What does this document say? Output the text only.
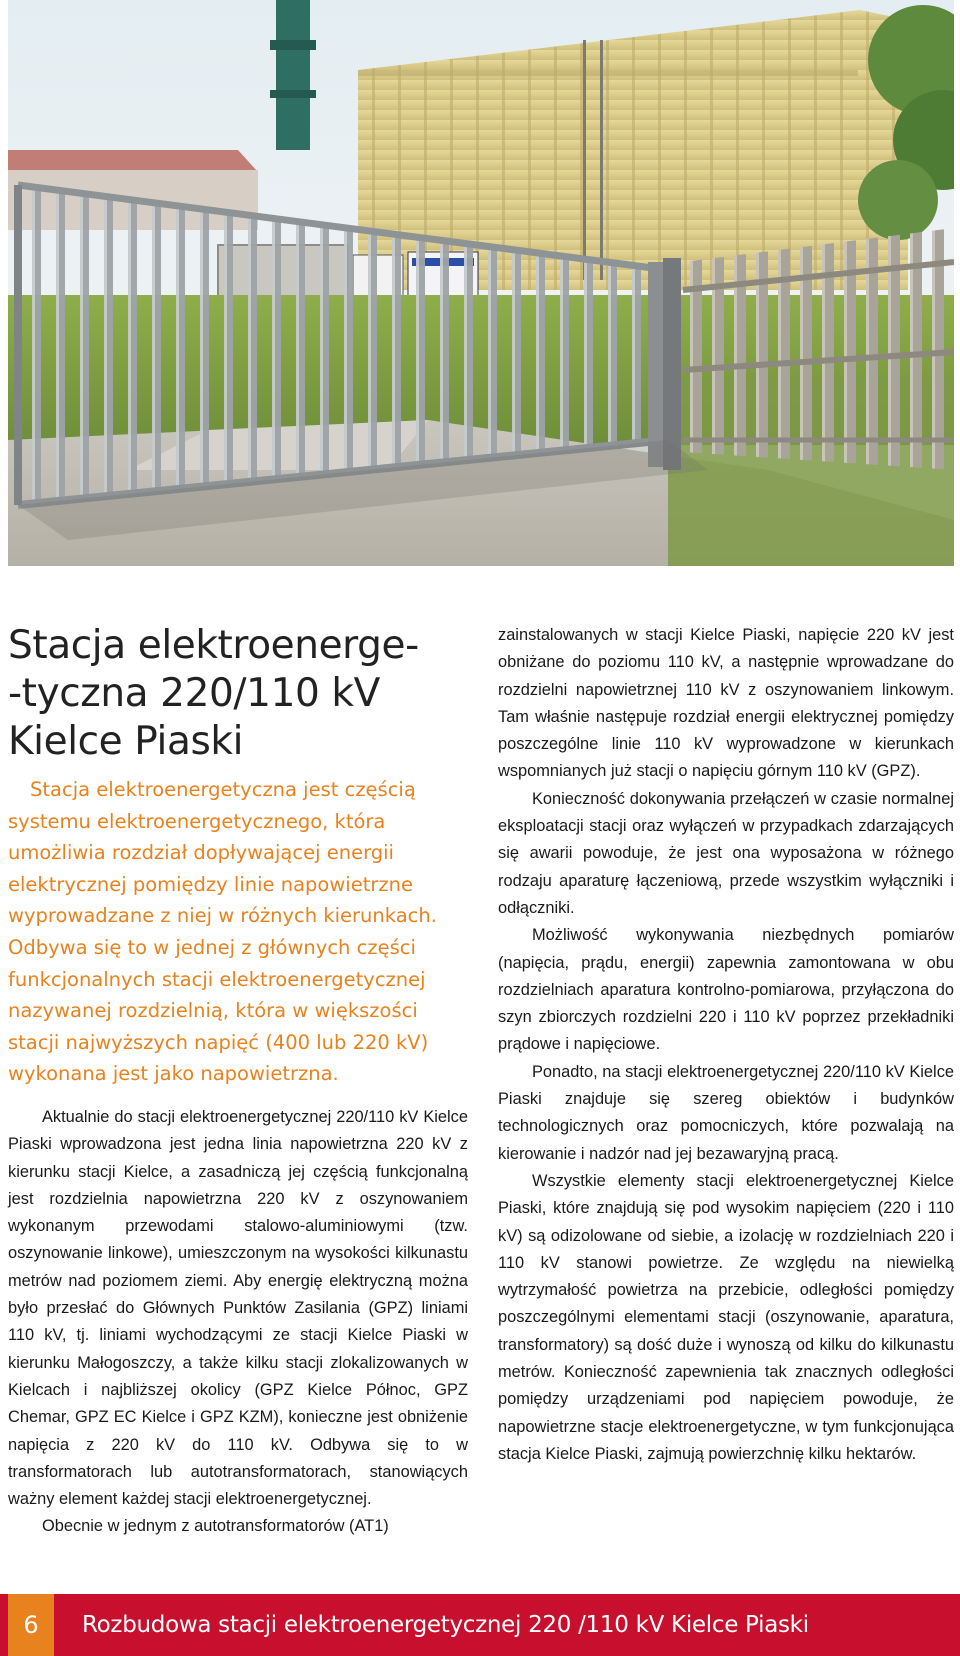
Stacja elektroenerge-
-tyczna 220/110 kV
Kielce Piaski

Stacja elektroenergetyczna jest częścią systemu elektroenergetycznego, która umożliwia rozdział dopływającej energii elektrycznej pomiędzy linie napowietrzne wyprowadzane z niej w różnych kierunkach. Odbywa się to w jednej z głównych części funkcjonalnych stacji elektroenergetycznej nazywanej rozdzielnią, która w większości stacji najwyższych napięć (400 lub 220 kV) wykonana jest jako napowietrzna.

Aktualnie do stacji elektroenergetycznej 220/110 kV Kielce Piaski wprowadzona jest jedna linia napowietrzna 220 kV z kierunku stacji Kielce, a zasadniczą jej częścią funkcjonalną jest rozdzielnia napowietrzna 220 kV z oszynowaniem wykonanym przewodami stalowo-aluminiowymi (tzw. oszynowanie linkowe), umieszczonym na wysokości kilkunastu metrów nad poziomem ziemi. Aby energię elektryczną można było przesłać do Głównych Punktów Zasilania (GPZ) liniami 110 kV, tj. liniami wychodzącymi ze stacji Kielce Piaski w kierunku Małogoszczy, a także kilku stacji zlokalizowanych w Kielcach i najbliższej okolicy (GPZ Kielce Północ, GPZ Chemar, GPZ EC Kielce i GPZ KZM), konieczne jest obniżenie napięcia z 220 kV do 110 kV. Odbywa się to w transformatorach lub autotransformatorach, stanowiących ważny element każdej stacji elektroenergetycznej.

Obecnie w jednym z autotransformatorów (AT1)

zainstalowanych w stacji Kielce Piaski, napięcie 220 kV jest obniżane do poziomu 110 kV, a następnie wprowadzane do rozdzielni napowietrznej 110 kV z oszynowaniem linkowym. Tam właśnie następuje rozdział energii elektrycznej pomiędzy poszczególne linie 110 kV wyprowadzone w kierunkach wspomnianych już stacji o napięciu górnym 110 kV (GPZ).

Konieczność dokonywania przełączeń w czasie normalnej eksploatacji stacji oraz wyłączeń w przypadkach zdarzających się awarii powoduje, że jest ona wyposażona w różnego rodzaju aparaturę łączeniową, przede wszystkim wyłączniki i odłączniki.

Możliwość wykonywania niezbędnych pomiarów (napięcia, prądu, energii) zapewnia zamontowana w obu rozdzielniach aparatura kontrolno-pomiarowa, przyłączona do szyn zbiorczych rozdzielni 220 i 110 kV poprzez przekładniki prądowe i napięciowe.

Ponadto, na stacji elektroenergetycznej 220/110 kV Kielce Piaski znajduje się szereg obiektów i budynków technologicznych oraz pomocniczych, które pozwalają na kierowanie i nadzór nad jej bezawaryjną pracą.

Wszystkie elementy stacji elektroenergetycznej Kielce Piaski, które znajdują się pod wysokim napięciem (220 i 110 kV) są odizolowane od siebie, a izolację w rozdzielniach 220 i 110 kV stanowi powietrze. Ze względu na niewielką wytrzymałość powietrza na przebicie, odległości pomiędzy poszczególnymi elementami stacji (oszynowanie, aparatura, transformatory) są dość duże i wynoszą od kilku do kilkunastu metrów. Konieczność zapewnienia tak znacznych odległości pomiędzy urządzeniami pod napięciem powoduje, że napowietrzne stacje elektroenergetyczne, w tym funkcjonująca stacja Kielce Piaski, zajmują powierzchnię kilku hektarów.

6	Rozbudowa stacji elektroenergetycznej 220 /110 kV Kielce Piaski
